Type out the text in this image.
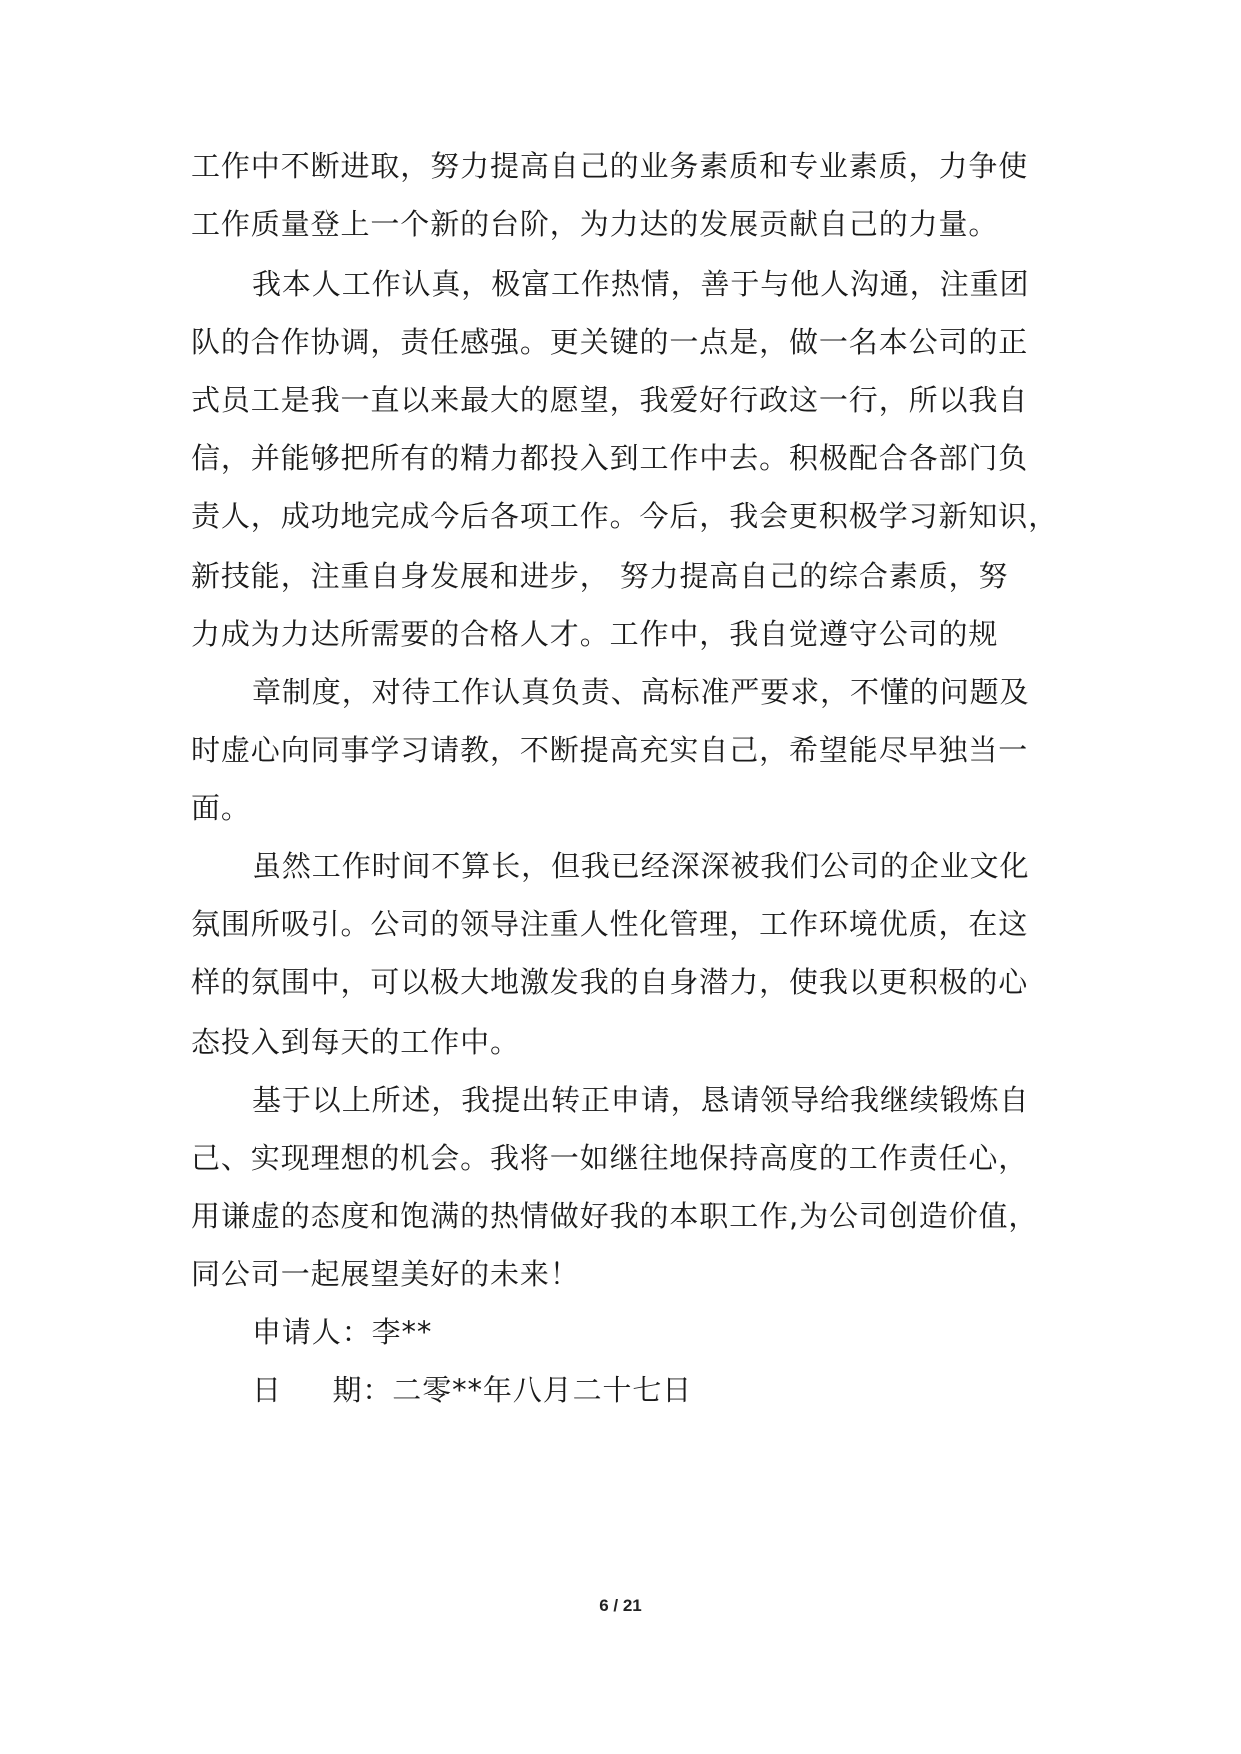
工作中不断进取，努力提高自己的业务素质和专业素质，力争使
工作质量登上一个新的台阶，为力达的发展贡献自己的力量。
我本人工作认真，极富工作热情，善于与他人沟通，注重团
队的合作协调，责任感强。更关键的一点是，做一名本公司的正
式员工是我一直以来最大的愿望，我爱好行政这一行，所以我自
信，并能够把所有的精力都投入到工作中去。积极配合各部门负
责人，成功地完成今后各项工作。今后，我会更积极学习新知识，
新技能，注重自身发展和进步， 努力提高自己的综合素质，努
力成为力达所需要的合格人才。工作中，我自觉遵守公司的规
章制度，对待工作认真负责、高标准严要求，不懂的问题及
时虚心向同事学习请教，不断提高充实自己，希望能尽早独当一
面。
虽然工作时间不算长，但我已经深深被我们公司的企业文化
氛围所吸引。公司的领导注重人性化管理，工作环境优质，在这
样的氛围中，可以极大地激发我的自身潜力，使我以更积极的心
态投入到每天的工作中。
基于以上所述，我提出转正申请，恳请领导给我继续锻炼自
己、实现理想的机会。我将一如继往地保持高度的工作责任心，
用谦虚的态度和饱满的热情做好我的本职工作,为公司创造价值，
同公司一起展望美好的未来！
申请人：李**
日     期：二零**年八月二十七日
6 / 21
